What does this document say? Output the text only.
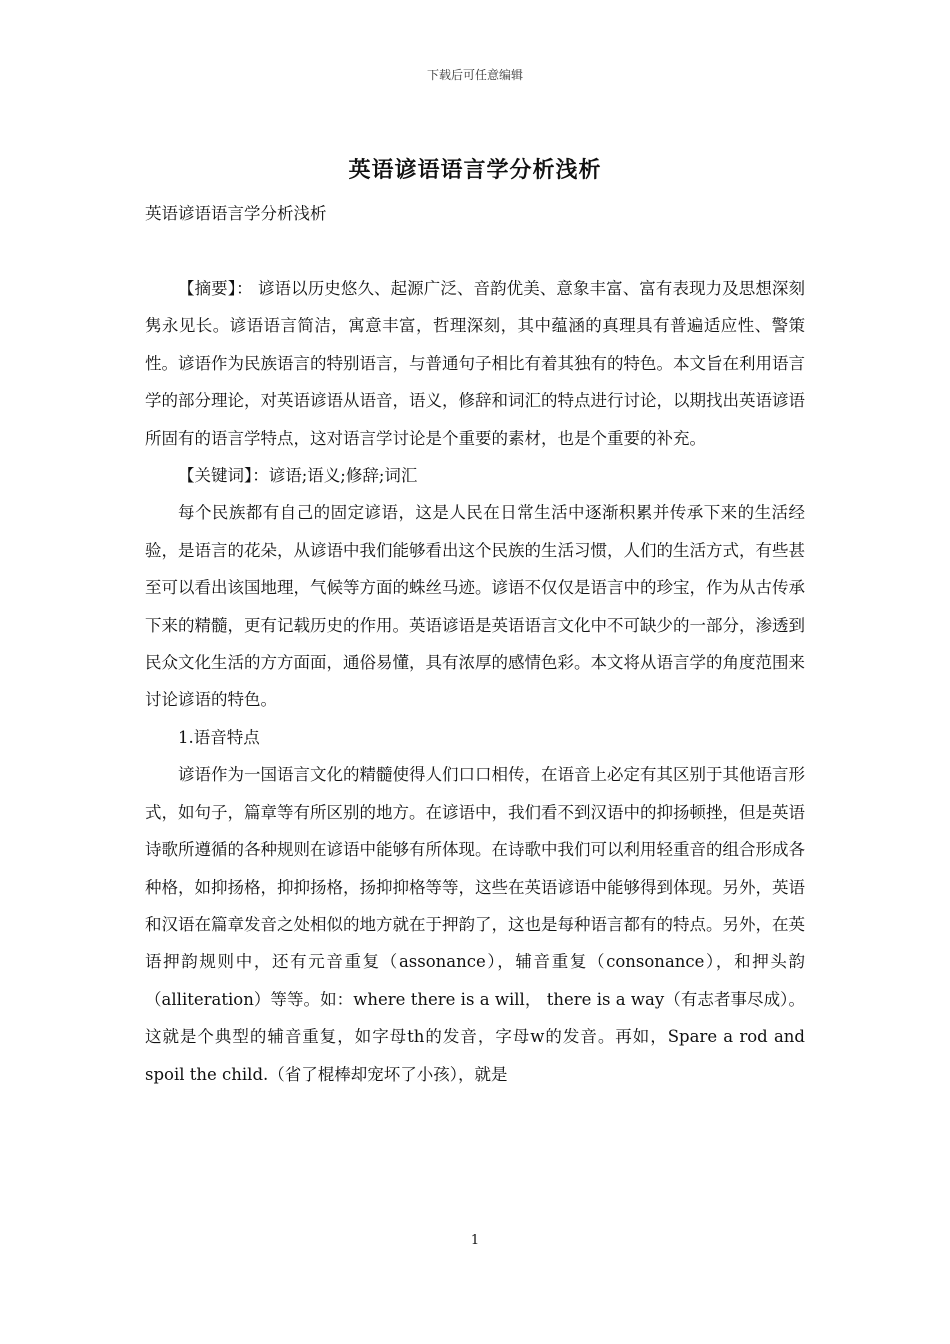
下载后可任意编辑
英语谚语语言学分析浅析
英语谚语语言学分析浅析

【摘要】： 谚语以历史悠久、起源广泛、音韵优美、意象丰富、富有表现力及思想深刻隽永见长。谚语语言简洁，寓意丰富，哲理深刻，其中蕴涵的真理具有普遍适应性、警策性。谚语作为民族语言的特别语言，与普通句子相比有着其独有的特色。本文旨在利用语言学的部分理论，对英语谚语从语音，语义，修辞和词汇的特点进行讨论，以期找出英语谚语所固有的语言学特点，这对语言学讨论是个重要的素材，也是个重要的补充。

【关键词】：谚语;语义;修辞;词汇

每个民族都有自己的固定谚语，这是人民在日常生活中逐渐积累并传承下来的生活经验，是语言的花朵，从谚语中我们能够看出这个民族的生活习惯，人们的生活方式，有些甚至可以看出该国地理，气候等方面的蛛丝马迹。谚语不仅仅是语言中的珍宝，作为从古传承下来的精髓，更有记载历史的作用。英语谚语是英语语言文化中不可缺少的一部分，渗透到民众文化生活的方方面面，通俗易懂，具有浓厚的感情色彩。本文将从语言学的角度范围来讨论谚语的特色。

1.语音特点

谚语作为一国语言文化的精髓使得人们口口相传，在语音上必定有其区别于其他语言形式，如句子，篇章等有所区别的地方。在谚语中，我们看不到汉语中的抑扬顿挫，但是英语诗歌所遵循的各种规则在谚语中能够有所体现。在诗歌中我们可以利用轻重音的组合形成各种格，如抑扬格，抑抑扬格，扬抑抑格等等，这些在英语谚语中能够得到体现。另外，英语和汉语在篇章发音之处相似的地方就在于押韵了，这也是每种语言都有的特点。另外，在英语押韵规则中，还有元音重复（assonance），辅音重复（consonance），和押头韵（alliteration）等等。如：where there is a will， there is a way（有志者事尽成）。这就是个典型的辅音重复，如字母th的发音，字母w的发音。再如，Spare a rod and spoil the child.（省了棍棒却宠坏了小孩），就是

1
